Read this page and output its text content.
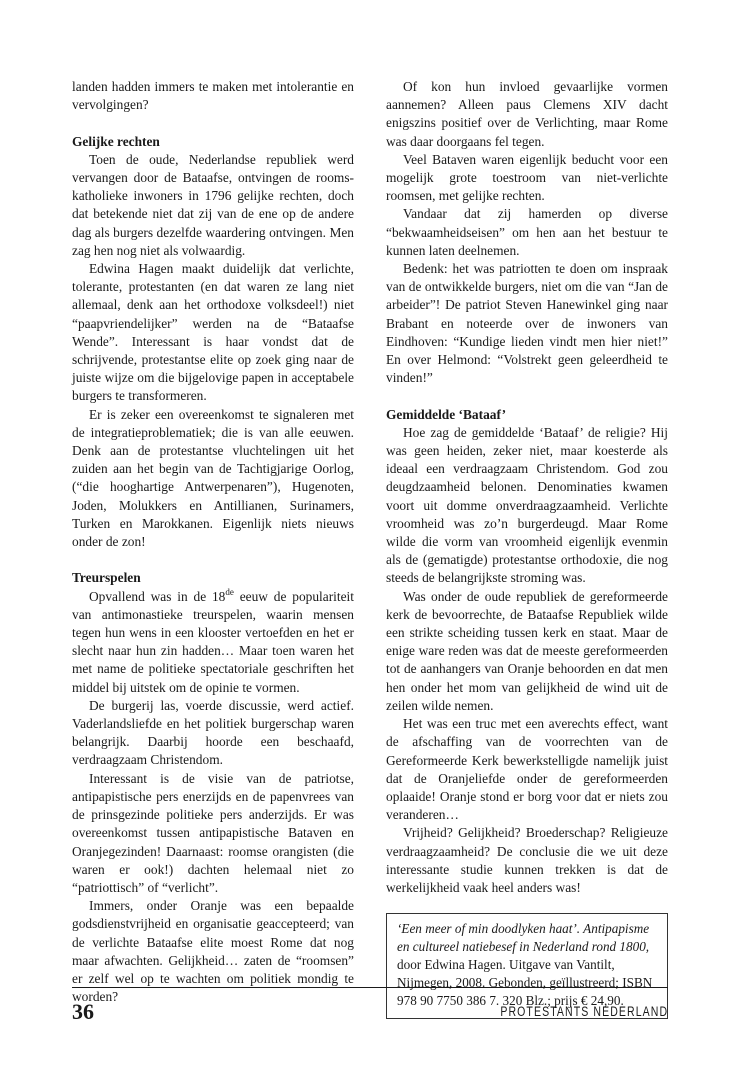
landen hadden immers te maken met intolerantie en vervolgingen?

Gelijke rechten

Toen de oude, Nederlandse republiek werd vervangen door de Bataafse, ontvingen de rooms-katholieke inwoners in 1796 gelijke rechten, doch dat betekende niet dat zij van de ene op de andere dag als burgers dezelfde waardering ontvingen. Men zag hen nog niet als volwaardig.

Edwina Hagen maakt duidelijk dat verlichte, tolerante, protestanten (en dat waren ze lang niet allemaal, denk aan het orthodoxe volksdeel!) niet “paapvriendelijker” werden na de “Bataafse Wende”. Interessant is haar vondst dat de schrijvende, protestantse elite op zoek ging naar de juiste wijze om die bijgelovige papen in acceptabele burgers te transformeren.

Er is zeker een overeenkomst te signaleren met de integratieproblematiek; die is van alle eeuwen. Denk aan de protestantse vluchtelingen uit het zuiden aan het begin van de Tachtigjarige Oorlog, (“die hooghartige Antwerpenaren”), Hugenoten, Joden, Molukkers en Antillianen, Surinamers, Turken en Marokkanen. Eigenlijk niets nieuws onder de zon!

Treurspelen

Opvallend was in de 18de eeuw de populariteit van antimonastieke treurspelen, waarin mensen tegen hun wens in een klooster vertoefden en het er slecht naar hun zin hadden… Maar toen waren het met name de politieke spectatoriale geschriften het middel bij uitstek om de opinie te vormen.

De burgerij las, voerde discussie, werd actief. Vaderlandsliefde en het politiek burgerschap waren belangrijk. Daarbij hoorde een beschaafd, verdraagzaam Christendom.

Interessant is de visie van de patriotse, antipapistische pers enerzijds en de papenvrees van de prinsgezinde politieke pers anderzijds. Er was overeenkomst tussen antipapistische Bataven en Oranjegezinden! Daarnaast: roomse orangisten (die waren er ook!) dachten helemaal niet zo “patriottisch” of “verlicht”.

Immers, onder Oranje was een bepaalde godsdienstvrijheid en organisatie geaccepteerd; van de verlichte Bataafse elite moest Rome dat nog maar afwachten. Gelijkheid… zaten de “roomsen” er zelf wel op te wachten om politiek mondig te worden?

Of kon hun invloed gevaarlijke vormen aannemen? Alleen paus Clemens XIV dacht enigszins positief over de Verlichting, maar Rome was daar doorgaans fel tegen.

Veel Bataven waren eigenlijk beducht voor een mogelijk grote toestroom van niet-verlichte roomsen, met gelijke rechten.

Vandaar dat zij hamerden op diverse “bekwaamheidseisen” om hen aan het bestuur te kunnen laten deelnemen.

Bedenk: het was patriotten te doen om inspraak van de ontwikkelde burgers, niet om die van “Jan de arbeider”! De patriot Steven Hanewinkel ging naar Brabant en noteerde over de inwoners van Eindhoven: “Kundige lieden vindt men hier niet!” En over Helmond: “Volstrekt geen geleerdheid te vinden!”

Gemiddelde ‘Bataaf’

Hoe zag de gemiddelde ‘Bataaf’ de religie? Hij was geen heiden, zeker niet, maar koesterde als ideaal een verdraagzaam Christendom. God zou deugdzaamheid belonen. Denominaties kwamen voort uit domme onverdraagzaamheid. Verlichte vroomheid was zo’n burgerdeugd. Maar Rome wilde die vorm van vroomheid eigenlijk evenmin als de (gematigde) protestantse orthodoxie, die nog steeds de belangrijkste stroming was.

Was onder de oude republiek de gereformeerde kerk de bevoorrechte, de Bataafse Republiek wilde een strikte scheiding tussen kerk en staat. Maar de enige ware reden was dat de meeste gereformeerden tot de aanhangers van Oranje behoorden en dat men hen onder het mom van gelijkheid de wind uit de zeilen wilde nemen.

Het was een truc met een averechts effect, want de afschaffing van de voorrechten van de Gereformeerde Kerk bewerkstelligde namelijk juist dat de Oranjeliefde onder de gereformeerden oplaaide! Oranje stond er borg voor dat er niets zou veranderen…

Vrijheid? Gelijkheid? Broederschap? Religieuze verdraagzaamheid? De conclusie die we uit deze interessante studie kunnen trekken is dat de werkelijkheid vaak heel anders was!

‘Een meer of min doodlyken haat’. Antipapisme en cultureel natiebesef in Nederland rond 1800, door Edwina Hagen. Uitgave van Vantilt, Nijmegen, 2008. Gebonden, geïllustreerd; ISBN 978 90 7750 386 7. 320 Blz.; prijs € 24,90.
36	PROTESTANTS NEDERLAND
